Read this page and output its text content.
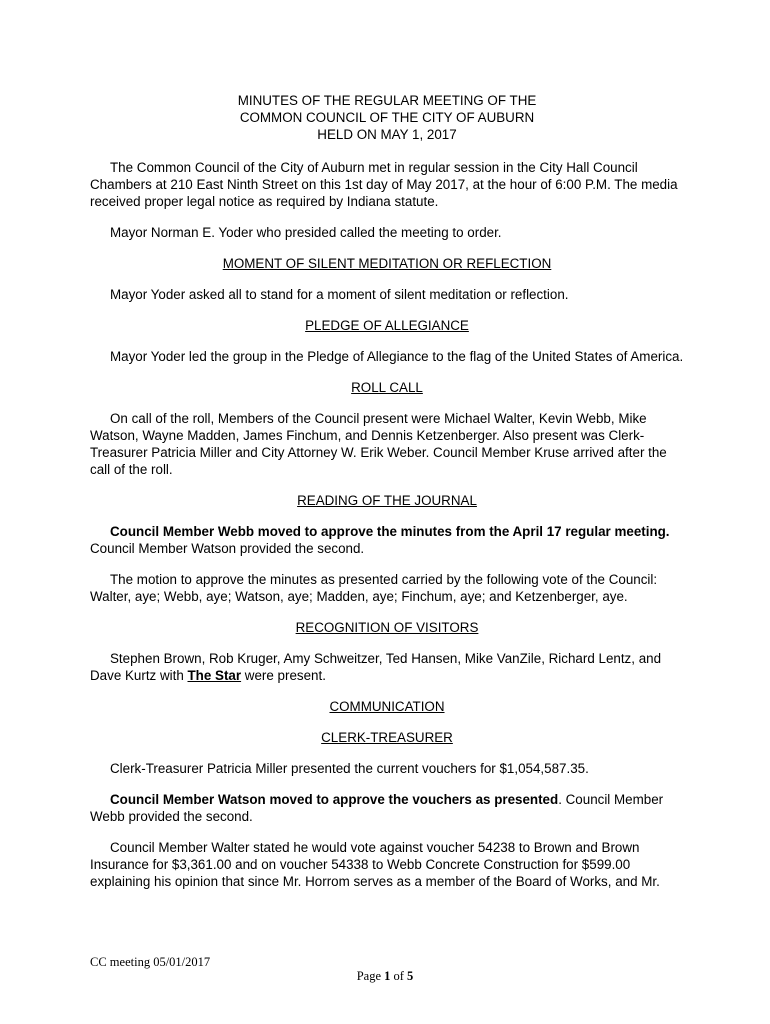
MINUTES OF THE REGULAR MEETING OF THE
COMMON COUNCIL OF THE CITY OF AUBURN
HELD ON MAY 1, 2017

The Common Council of the City of Auburn met in regular session in the City Hall Council Chambers at 210 East Ninth Street on this 1st day of May 2017, at the hour of 6:00 P.M. The media received proper legal notice as required by Indiana statute.

Mayor Norman E. Yoder who presided called the meeting to order.

MOMENT OF SILENT MEDITATION OR REFLECTION

Mayor Yoder asked all to stand for a moment of silent meditation or reflection.

PLEDGE OF ALLEGIANCE

Mayor Yoder led the group in the Pledge of Allegiance to the flag of the United States of America.

ROLL CALL

On call of the roll, Members of the Council present were Michael Walter, Kevin Webb, Mike Watson, Wayne Madden, James Finchum, and Dennis Ketzenberger. Also present was Clerk-Treasurer Patricia Miller and City Attorney W. Erik Weber. Council Member Kruse arrived after the call of the roll.

READING OF THE JOURNAL

Council Member Webb moved to approve the minutes from the April 17 regular meeting. Council Member Watson provided the second.

The motion to approve the minutes as presented carried by the following vote of the Council: Walter, aye; Webb, aye; Watson, aye; Madden, aye; Finchum, aye; and Ketzenberger, aye.

RECOGNITION OF VISITORS

Stephen Brown, Rob Kruger, Amy Schweitzer, Ted Hansen, Mike VanZile, Richard Lentz, and Dave Kurtz with The Star were present.

COMMUNICATION
CLERK-TREASURER

Clerk-Treasurer Patricia Miller presented the current vouchers for $1,054,587.35.

Council Member Watson moved to approve the vouchers as presented. Council Member Webb provided the second.

Council Member Walter stated he would vote against voucher 54238 to Brown and Brown Insurance for $3,361.00 and on voucher 54338 to Webb Concrete Construction for $599.00 explaining his opinion that since Mr. Horrom serves as a member of the Board of Works, and Mr.

CC meeting 05/01/2017
Page 1 of 5
